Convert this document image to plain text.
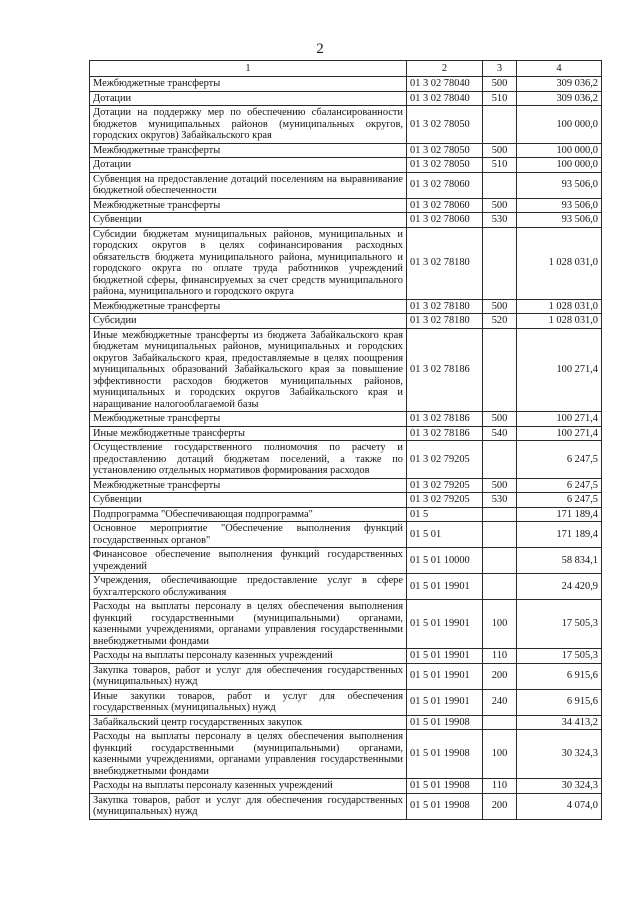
2
1	2	3	4
Межбюджетные трансферты	01 3 02 78040	500	309 036,2
Дотации	01 3 02 78040	510	309 036,2
Дотации на поддержку мер по обеспечению сбалансированности бюджетов муниципальных районов (муниципальных округов, городских округов) Забайкальского края	01 3 02 78050		100 000,0
Межбюджетные трансферты	01 3 02 78050	500	100 000,0
Дотации	01 3 02 78050	510	100 000,0
Субвенция на предоставление дотаций поселениям на выравнивание бюджетной обеспеченности	01 3 02 78060		93 506,0
Межбюджетные трансферты	01 3 02 78060	500	93 506,0
Субвенции	01 3 02 78060	530	93 506,0
Субсидии бюджетам муниципальных районов, муниципальных и городских округов в целях софинансирования расходных обязательств бюджета муниципального района, муниципального и городского округа по оплате труда работников учреждений бюджетной сферы, финансируемых за счет средств муниципального района, муниципального и городского округа	01 3 02 78180		1 028 031,0
Межбюджетные трансферты	01 3 02 78180	500	1 028 031,0
Субсидии	01 3 02 78180	520	1 028 031,0
Иные межбюджетные трансферты из бюджета Забайкальского края бюджетам муниципальных районов, муниципальных и городских округов Забайкальского края, предоставляемые в целях поощрения муниципальных образований Забайкальского края за повышение эффективности расходов бюджетов муниципальных районов, муниципальных и городских округов Забайкальского края и наращивание налогооблагаемой базы	01 3 02 78186		100 271,4
Межбюджетные трансферты	01 3 02 78186	500	100 271,4
Иные межбюджетные трансферты	01 3 02 78186	540	100 271,4
Осуществление государственного полномочия по расчету и предоставлению дотаций бюджетам поселений, а также по установлению отдельных нормативов формирования расходов	01 3 02 79205		6 247,5
Межбюджетные трансферты	01 3 02 79205	500	6 247,5
Субвенции	01 3 02 79205	530	6 247,5
Подпрограмма "Обеспечивающая подпрограмма"	01 5		171 189,4
Основное мероприятие "Обеспечение выполнения функций государственных органов"	01 5 01		171 189,4
Финансовое обеспечение выполнения функций государственных учреждений	01 5 01 10000		58 834,1
Учреждения, обеспечивающие предоставление услуг в сфере бухгалтерского обслуживания	01 5 01 19901		24 420,9
Расходы на выплаты персоналу в целях обеспечения выполнения функций государственными (муниципальными) органами, казенными учреждениями, органами управления государственными внебюджетными фондами	01 5 01 19901	100	17 505,3
Расходы на выплаты персоналу казенных учреждений	01 5 01 19901	110	17 505,3
Закупка товаров, работ и услуг для обеспечения государственных (муниципальных) нужд	01 5 01 19901	200	6 915,6
Иные закупки товаров, работ и услуг для обеспечения государственных (муниципальных) нужд	01 5 01 19901	240	6 915,6
Забайкальский центр государственных закупок	01 5 01 19908		34 413,2
Расходы на выплаты персоналу в целях обеспечения выполнения функций государственными (муниципальными) органами, казенными учреждениями, органами управления государственными внебюджетными фондами	01 5 01 19908	100	30 324,3
Расходы на выплаты персоналу казенных учреждений	01 5 01 19908	110	30 324,3
Закупка товаров, работ и услуг для обеспечения государственных (муниципальных) нужд	01 5 01 19908	200	4 074,0
